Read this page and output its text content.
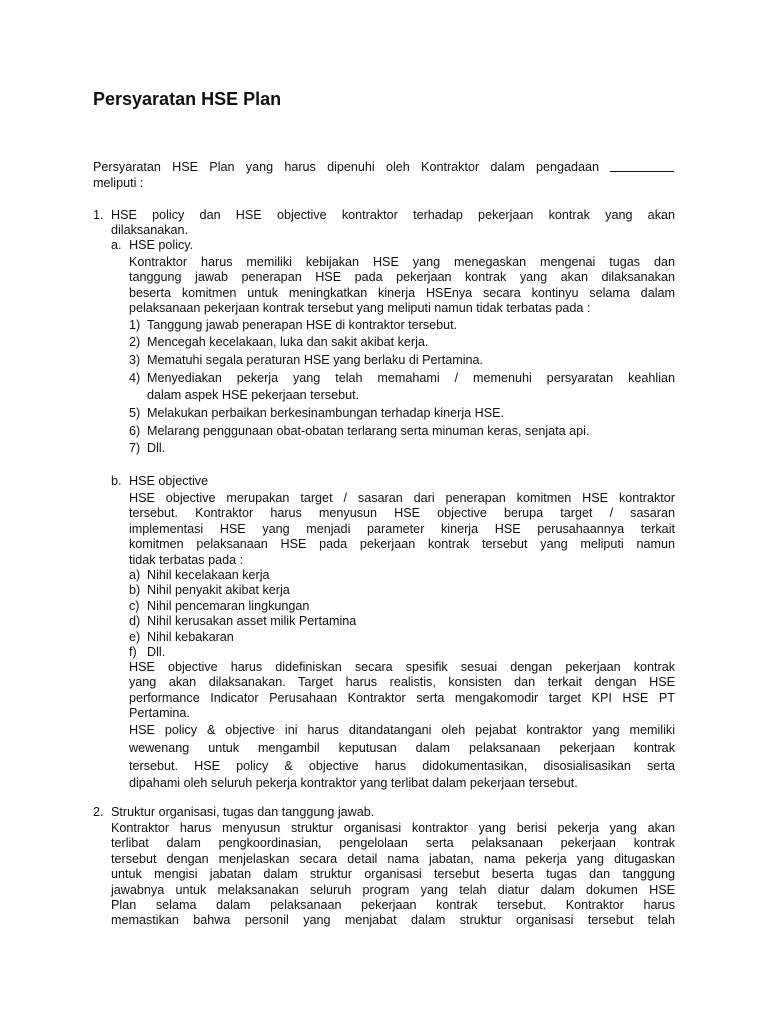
Persyaratan HSE Plan
Persyaratan HSE Plan yang harus dipenuhi oleh Kontraktor dalam pengadaan
meliputi :
1. HSE policy dan HSE objective kontraktor terhadap pekerjaan kontrak yang akan
dilaksanakan.
a. HSE policy.
Kontraktor harus memiliki kebijakan HSE yang menegaskan mengenai tugas dan
tanggung jawab penerapan HSE pada pekerjaan kontrak yang akan dilaksanakan
beserta komitmen untuk meningkatkan kinerja HSEnya secara kontinyu selama dalam
pelaksanaan pekerjaan kontrak tersebut yang meliputi namun tidak terbatas pada :
1) Tanggung jawab penerapan HSE di kontraktor tersebut.
2) Mencegah kecelakaan, luka dan sakit akibat kerja.
3) Mematuhi segala peraturan HSE yang berlaku di Pertamina.
4) Menyediakan pekerja yang telah memahami / memenuhi persyaratan keahlian
dalam aspek HSE pekerjaan tersebut.
5) Melakukan perbaikan berkesinambungan terhadap kinerja HSE.
6) Melarang penggunaan obat-obatan terlarang serta minuman keras, senjata api.
7) Dll.
b. HSE objective
HSE objective merupakan target / sasaran dari penerapan komitmen HSE kontraktor
tersebut. Kontraktor harus menyusun HSE objective berupa target / sasaran
implementasi HSE yang menjadi parameter kinerja HSE perusahaannya terkait
komitmen pelaksanaan HSE pada pekerjaan kontrak tersebut yang meliputi namun
tidak terbatas pada :
a) Nihil kecelakaan kerja
b) Nihil penyakit akibat kerja
c) Nihil pencemaran lingkungan
d) Nihil kerusakan asset milik Pertamina
e) Nihil kebakaran
f) Dll.
HSE objective harus didefiniskan secara spesifik sesuai dengan pekerjaan kontrak
yang akan dilaksanakan. Target harus realistis, konsisten dan terkait dengan HSE
performance Indicator Perusahaan Kontraktor serta mengakomodir target KPI HSE PT
Pertamina.
HSE policy & objective ini harus ditandatangani oleh pejabat kontraktor yang memiliki
wewenang untuk mengambil keputusan dalam pelaksanaan pekerjaan kontrak
tersebut. HSE policy & objective harus didokumentasikan, disosialisasikan serta
dipahami oleh seluruh pekerja kontraktor yang terlibat dalam pekerjaan tersebut.
2. Struktur organisasi, tugas dan tanggung jawab.
Kontraktor harus menyusun struktur organisasi kontraktor yang berisi pekerja yang akan
terlibat dalam pengkoordinasian, pengelolaan serta pelaksanaan pekerjaan kontrak
tersebut dengan menjelaskan secara detail nama jabatan, nama pekerja yang ditugaskan
untuk mengisi jabatan dalam struktur organisasi tersebut beserta tugas dan tanggung
jawabnya untuk melaksanakan seluruh program yang telah diatur dalam dokumen HSE
Plan selama dalam pelaksanaan pekerjaan kontrak tersebut. Kontraktor harus
memastikan bahwa personil yang menjabat dalam struktur organisasi tersebut telah
